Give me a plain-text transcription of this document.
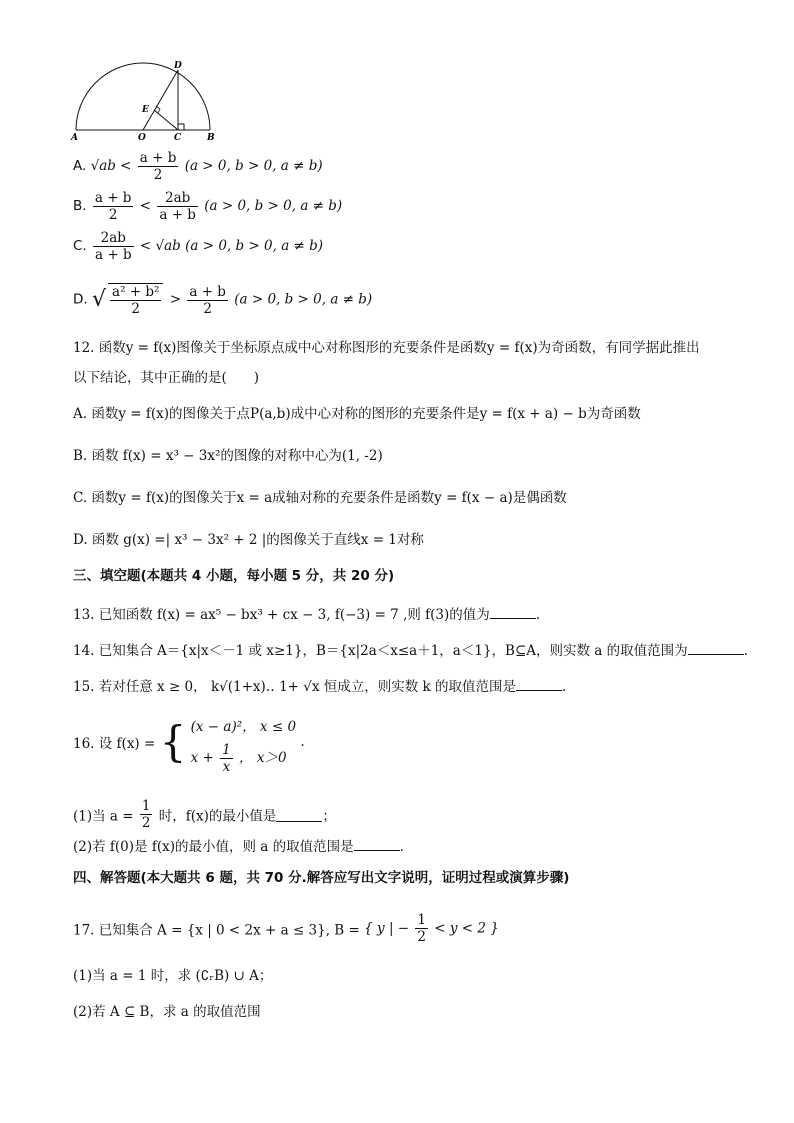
A	O	C	B
D
E
A. $√ab < \frac{a + b}{2} (a > 0$, b > 0, a ≠ b)
B. $\frac{a + b}{2} < \frac{2ab}{a + b} (a > 0$, b > 0, a ≠ b)
C. $\frac{2ab}{a + b} < √ab$ (a > 0, b > 0, a ≠ b)
D. √ $\frac{\text{a² + b²}}{2} > \frac{a + b}{2} (a > 0$, b > 0, a ≠ b)
12. 函数y = f(x)图像关于坐标原点成中心对称图形的充要条件是函数y = f(x)为奇函数，有同学据此推出
以下结论，其中正确的是(　　)
A. 函数y = f(x)的图像关于点P(a,b)成中心对称的图形的充要条件是y = f(x + a) − b为奇函数
B. 函数 f(x) = x³ − 3x²的图像的对称中心为(1, -2)
C. 函数y = f(x)的图像关于x = a成轴对称的充要条件是函数y = f(x − a)是偶函数
D. 函数 g(x) =| x³ − 3x² + 2 |的图像关于直线x = 1对称
三、填空题(本题共 4 小题，每小题 5 分，共 20 分)
13. 已知函数 f(x) = ax⁵ − bx³ + cx − 3, f(−3) = 7 ,则 f(3)的值为	.
14. 已知集合 A＝{x|x＜－1 或 x≥1}，B＝{x|2a＜x≤a＋1，a＜1}，B⊆A，则实数 a 的取值范围为	.
15. 若对任意 x ≥ 0， k√(1+x)‥ 1+ √x 恒成立，则实数 k 的取值范围是	.
16. 设 f(x) = { (x − a)²， x ≤ 0
$x + \frac{1}{x}$ ， x＞0
.
(1)当 $a = \frac{1}{2}$ 时，f(x)的最小值是	；
(2)若 f(0)是 f(x)的最小值，则 a 的取值范围是	.
四、解答题(本大题共 6 题，共 70 分.解答应写出文字说明，证明过程或演算步骤)
17. 已知集合 A = {x | 0 < 2x + a ≤ 3}, B = { y | − $\frac{1}{2} < y < 2$ }
(1)当 a = 1 时，求 (∁ᵣB) ∪ A；
(2)若 A ⊆ B，求 a 的取值范围
